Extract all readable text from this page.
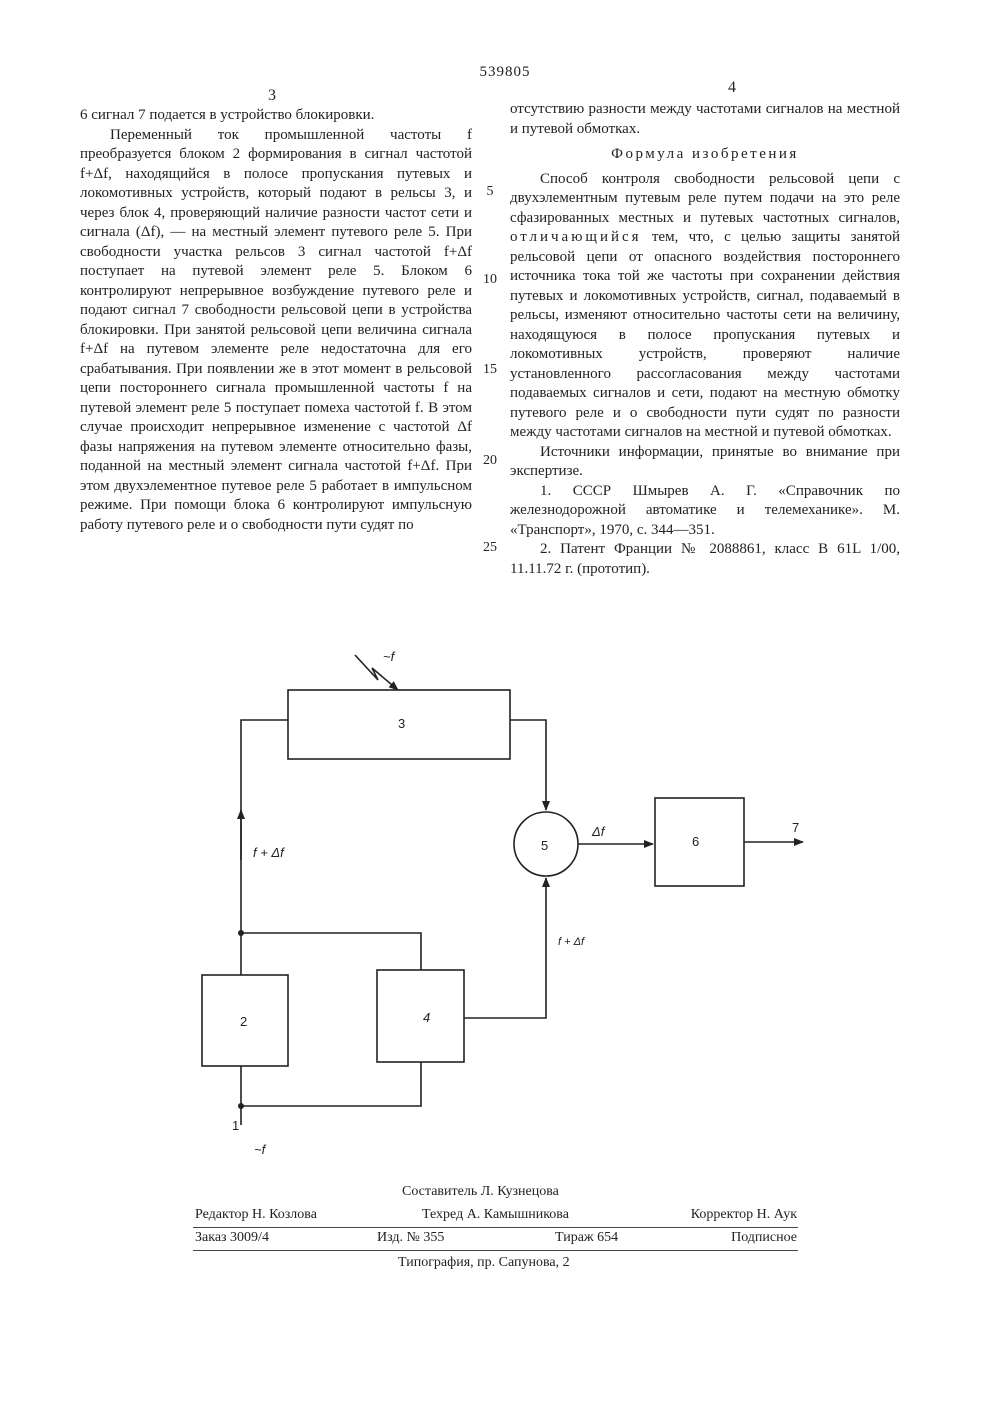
539805
3	4

6 сигнал 7 подается в устройство блокировки.

Переменный ток промышленной частоты f преобразуется блоком 2 формирования в сигнал частотой f+Δf, находящийся в полосе пропускания путевых и локомотивных устройств, который подают в рельсы 3, и через блок 4, проверяющий наличие разности частот сети и сигнала (Δf), — на местный элемент путевого реле 5. При свободности участка рельсов 3 сигнал частотой f+Δf поступает на путевой элемент реле 5. Блоком 6 контролируют непрерывное возбуждение путевого реле и подают сигнал 7 свободности рельсовой цепи в устройства блокировки. При занятой рельсовой цепи величина сигнала f+Δf на путевом элементе реле недостаточна для его срабатывания. При появлении же в этот момент в рельсовой цепи постороннего сигнала промышленной частоты f на путевой элемент реле 5 поступает помеха частотой f. В этом случае происходит непрерывное изменение с частотой Δf фазы напряжения на путевом элементе относительно фазы, поданной на местный элемент сигнала частотой f+Δf. При этом двухэлементное путевое реле 5 работает в импульсном режиме. При помощи блока 6 контролируют импульсную работу путевого реле и о свободности пути судят по

5
10
15
20
25

отсутствию разности между частотами сигналов на местной и путевой обмотках.

Формула изобретения

Способ контроля свободности рельсовой цепи с двухэлементным путевым реле путем подачи на это реле сфазированных местных и путевых частотных сигналов, отличающийся тем, что, с целью защиты занятой рельсовой цепи от опасного воздействия постороннего источника тока той же частоты при сохранении действия путевых и локомотивных устройств, сигнал, подаваемый в рельсы, изменяют относительно частоты сети на величину, находящуюся в полосе пропускания путевых и локомотивных устройств, проверяют наличие установленного рассогласования между частотами подаваемых сигналов и сети, подают на местную обмотку путевого реле и о свободности пути судят по разности между частотами сигналов на местной и путевой обмотках.

Источники информации, принятые во внимание при экспертизе.

1. СССР Шмырев А. Г. «Справочник по железнодорожной автоматике и телемеханике». М. «Транспорт», 1970, с. 344—351.

2. Патент Франции № 2088861, класс В 61L 1/00, 11.11.72 г. (прототип).

3
5	6
2	4
7
~f
f + Δf
Δf
f + Δf
1
~f
Составитель Л. Кузнецова
Редактор Н. Козлова	Техред А. Камышникова	Корректор Н. Аук
Заказ 3009/4	Изд. № 355	Тираж 654	Подписное
Типография, пр. Сапунова, 2
